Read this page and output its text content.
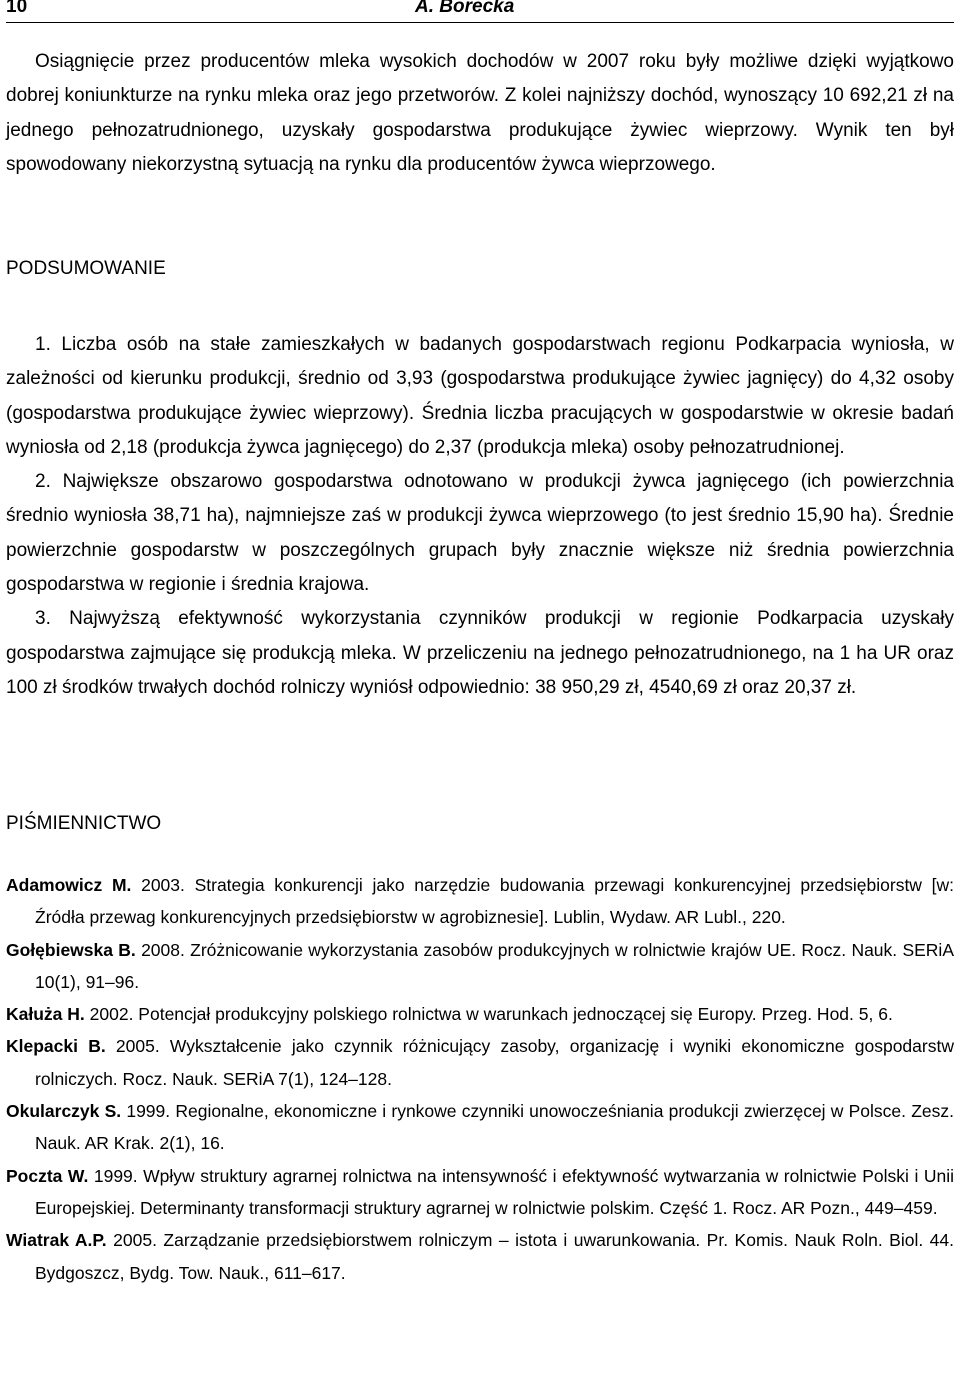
10	A. Borecka
Osiągnięcie przez producentów mleka wysokich dochodów w 2007 roku były możliwe dzięki wyjątkowo dobrej koniunkturze na rynku mleka oraz jego przetworów. Z kolei najniższy dochód, wynoszący 10 692,21 zł na jednego pełnozatrudnionego, uzyskały gospodarstwa produkujące żywiec wieprzowy. Wynik ten był spowodowany niekorzystną sytuacją na rynku dla producentów żywca wieprzowego.
PODSUMOWANIE

1. Liczba osób na stałe zamieszkałych w badanych gospodarstwach regionu Podkarpacia wyniosła, w zależności od kierunku produkcji, średnio od 3,93 (gospodarstwa produkujące żywiec jagnięcy) do 4,32 osoby (gospodarstwa produkujące żywiec wieprzowy). Średnia liczba pracujących w gospodarstwie w okresie badań wyniosła od 2,18 (produkcja żywca jagnięcego) do 2,37 (produkcja mleka) osoby pełnozatrudnionej.

2. Największe obszarowo gospodarstwa odnotowano w produkcji żywca jagnięcego (ich powierzchnia średnio wyniosła 38,71 ha), najmniejsze zaś w produkcji żywca wieprzowego (to jest średnio 15,90 ha). Średnie powierzchnie gospodarstw w poszczególnych grupach były znacznie większe niż średnia powierzchnia gospodarstwa w regionie i średnia krajowa.

3. Najwyższą efektywność wykorzystania czynników produkcji w regionie Podkarpacia uzyskały gospodarstwa zajmujące się produkcją mleka. W przeliczeniu na jednego pełnozatrudnionego, na 1 ha UR oraz 100 zł środków trwałych dochód rolniczy wyniósł odpowiednio: 38 950,29 zł, 4540,69 zł oraz 20,37 zł.

PIŚMIENNICTWO

Adamowicz M. 2003. Strategia konkurencji jako narzędzie budowania przewagi konkurencyjnej przedsiębiorstw [w: Źródła przewag konkurencyjnych przedsiębiorstw w agrobiznesie]. Lublin, Wydaw. AR Lubl., 220.

Gołębiewska B. 2008. Zróżnicowanie wykorzystania zasobów produkcyjnych w rolnictwie krajów UE. Rocz. Nauk. SERiA 10(1), 91–96.

Kałuża H. 2002. Potencjał produkcyjny polskiego rolnictwa w warunkach jednoczącej się Europy. Przeg. Hod. 5, 6.

Klepacki B. 2005. Wykształcenie jako czynnik różnicujący zasoby, organizację i wyniki ekonomiczne gospodarstw rolniczych. Rocz. Nauk. SERiA 7(1), 124–128.

Okularczyk S. 1999. Regionalne, ekonomiczne i rynkowe czynniki unowocześniania produkcji zwierzęcej w Polsce. Zesz. Nauk. AR Krak. 2(1), 16.

Poczta W. 1999. Wpływ struktury agrarnej rolnictwa na intensywność i efektywność wytwarzania w rolnictwie Polski i Unii Europejskiej. Determinanty transformacji struktury agrarnej w rolnictwie polskim. Część 1. Rocz. AR Pozn., 449–459.

Wiatrak A.P. 2005. Zarządzanie przedsiębiorstwem rolniczym – istota i uwarunkowania. Pr. Komis. Nauk Roln. Biol. 44. Bydgoszcz, Bydg. Tow. Nauk., 611–617.
